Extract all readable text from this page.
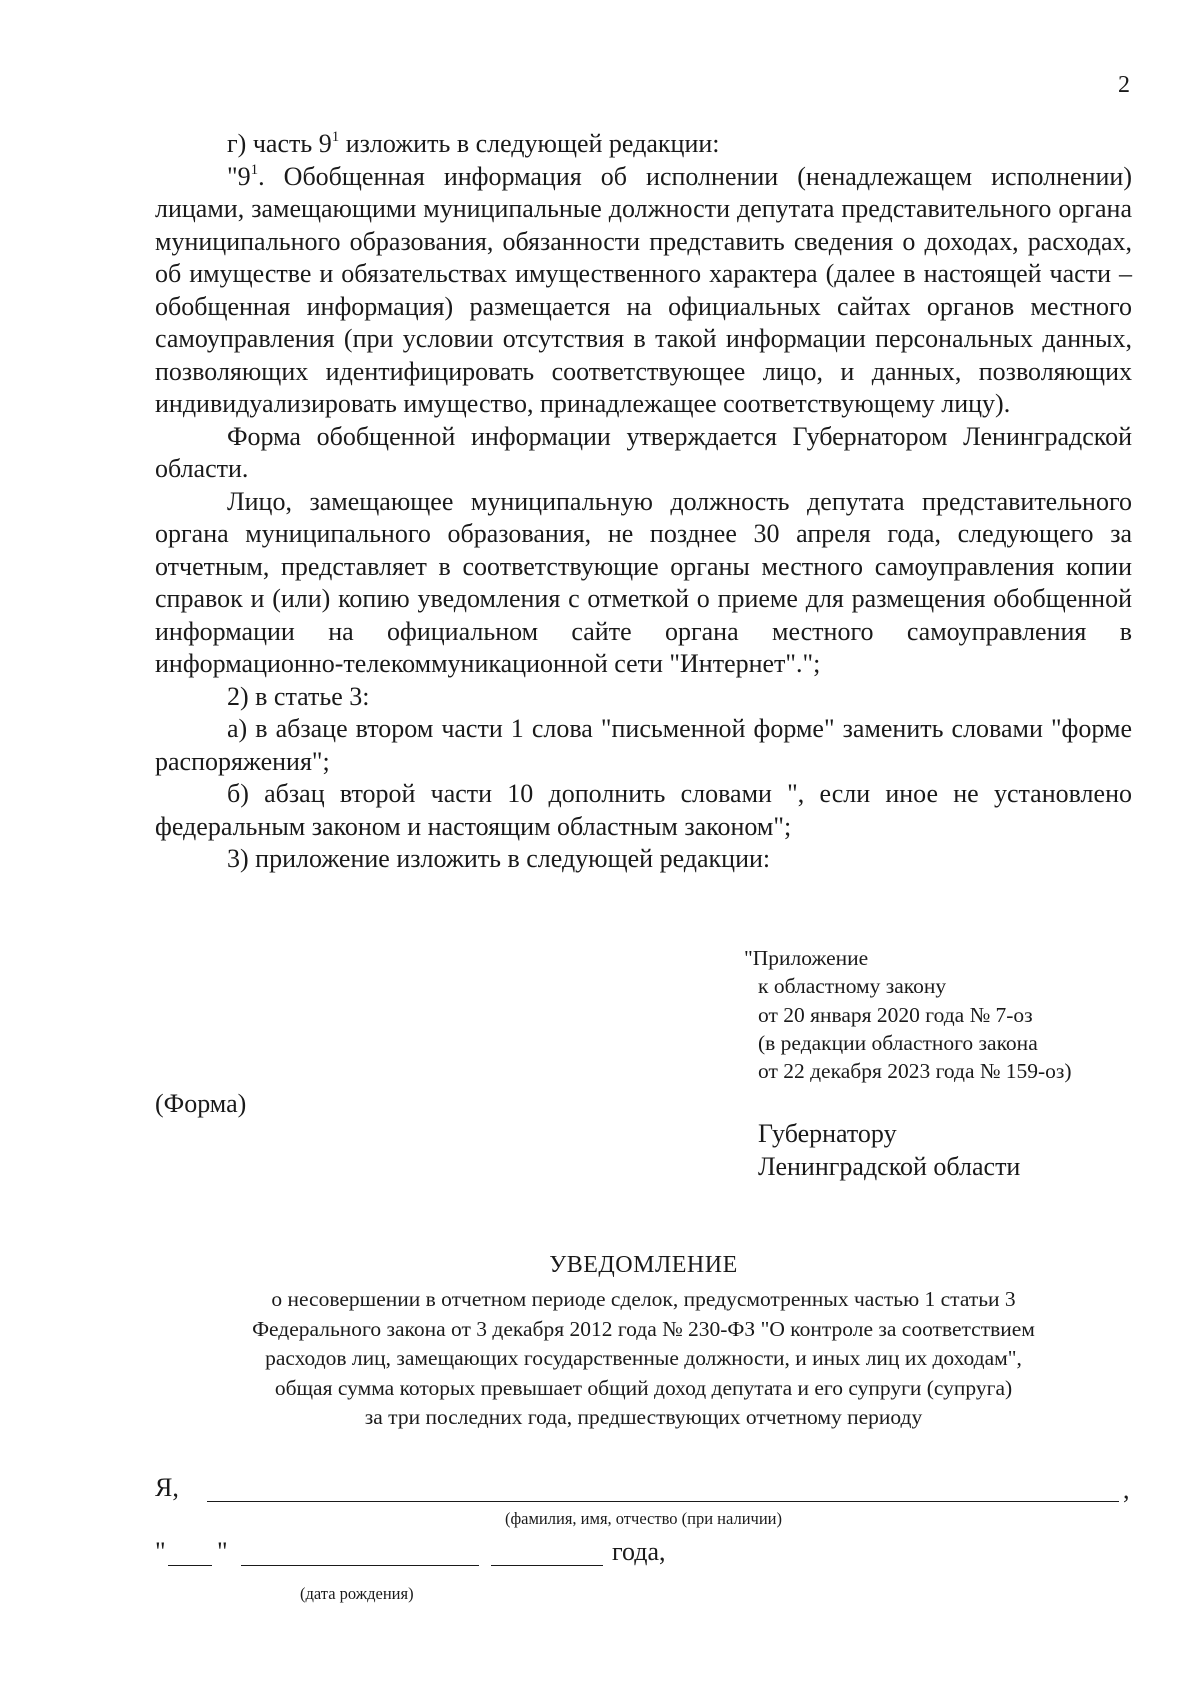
2

г) часть $9^1$ изложить в следующей редакции:

"$9^1$. Обобщенная информация об исполнении (ненадлежащем исполнении) лицами, замещающими муниципальные должности депутата представительного органа муниципального образования, обязанности представить сведения о доходах, расходах, об имуществе и обязательствах имущественного характера (далее в настоящей части – обобщенная информация) размещается на официальных сайтах органов местного самоуправления (при условии отсутствия в такой информации персональных данных, позволяющих идентифицировать соответствующее лицо, и данных, позволяющих индивидуализировать имущество, принадлежащее соответствующему лицу).

Форма обобщенной информации утверждается Губернатором Ленинградской области.

Лицо, замещающее муниципальную должность депутата представительного органа муниципального образования, не позднее 30 апреля года, следующего за отчетным, представляет в соответствующие органы местного самоуправления копии справок и (или) копию уведомления с отметкой о приеме для размещения обобщенной информации на официальном сайте органа местного самоуправления в информационно-телекоммуникационной сети "Интернет".";

2) в статье 3:

а) в абзаце втором части 1 слова "письменной форме" заменить словами "форме распоряжения";

б) абзац второй части 10 дополнить словами ", если иное не установлено федеральным законом и настоящим областным законом";

3) приложение изложить в следующей редакции:

"Приложение
к областному закону
от 20 января 2020 года № 7-оз
(в редакции областного закона
от 22 декабря 2023 года № 159-оз)
(Форма)
Губернатору
Ленинградской области
УВЕДОМЛЕНИЕ
о несовершении в отчетном периоде сделок, предусмотренных частью 1 статьи 3
Федерального закона от 3 декабря 2012 года № 230-ФЗ "О контроле за соответствием
расходов лиц, замещающих государственные должности, и иных лиц их доходам",
общая сумма которых превышает общий доход депутата и его супруги (супруга)
за три последних года, предшествующих отчетному периоду
Я,	,
(фамилия, имя, отчество (при наличии)
" "	года,
(дата рождения)
